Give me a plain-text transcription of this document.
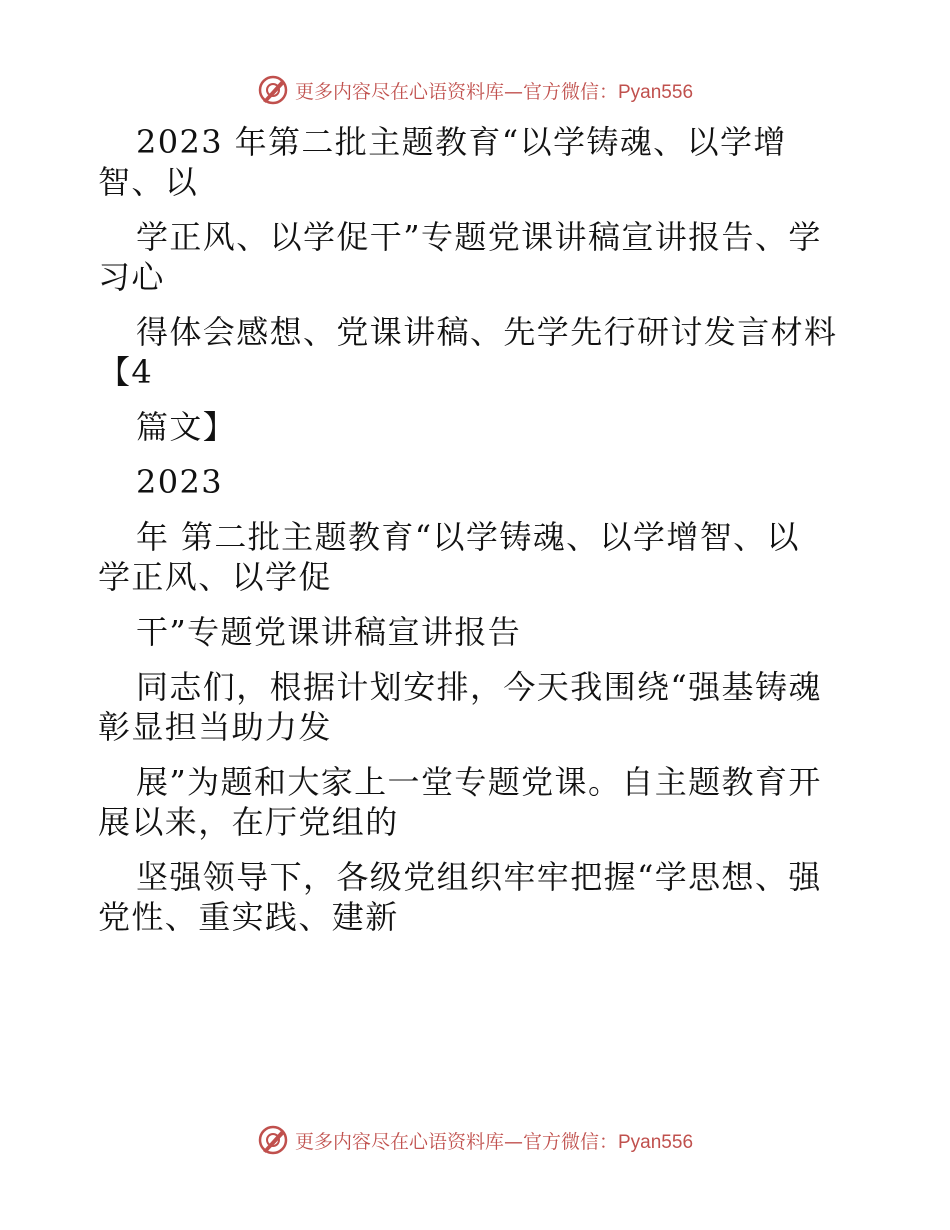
更多内容尽在心语资料库—官方微信：Pyan556
2023 年第二批主题教育“以学铸魂、以学增
智、以
学正风、以学促干”专题党课讲稿宣讲报告、学
习心
得体会感想、党课讲稿、先学先行研讨发言材料
【4
篇文】
2023
年 第二批主题教育“以学铸魂、以学增智、以
学正风、以学促
干”专题党课讲稿宣讲报告
同志们，根据计划安排，今天我围绕“强基铸魂
彰显担当助力发
展”为题和大家上一堂专题党课。自主题教育开
展以来，在厅党组的
坚强领导下，各级党组织牢牢把握“学思想、强
党性、重实践、建新
更多内容尽在心语资料库—官方微信：Pyan556
